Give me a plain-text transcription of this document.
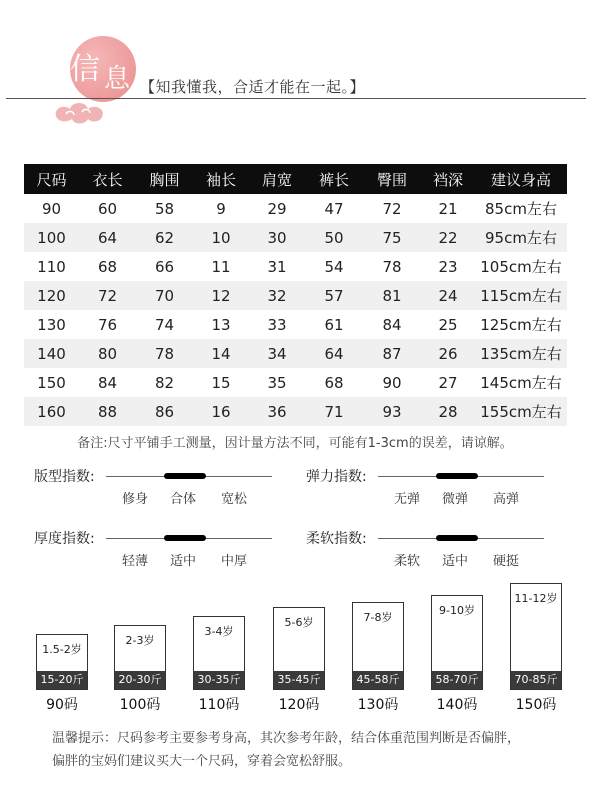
信 息 【知我懂我，合适才能在一起。】
尺码	衣长	胸围	袖长	肩宽	裤长	臀围	裆深	建议身高
90	60	58	9	29	47	72	21	85cm左右
100	64	62	10	30	50	75	22	95cm左右
110	68	66	11	31	54	78	23	105cm左右
120	72	70	12	32	57	81	24	115cm左右
130	76	74	13	33	61	84	25	125cm左右
140	80	78	14	34	64	87	26	135cm左右
150	84	82	15	35	68	90	27	145cm左右
160	88	86	16	36	71	93	28	155cm左右
备注:尺寸平铺手工测量，因计量方法不同，可能有1-3cm的误差，请谅解。
版型指数:
修身 合体 宽松
弹力指数:
无弹 微弹 高弹
厚度指数:
轻薄 适中 中厚
柔软指数:
柔软 适中 硬挺
1.5-2岁
15-20斤
90码
2-3岁
20-30斤
100码
3-4岁
30-35斤
110码
5-6岁
35-45斤
120码
7-8岁
45-58斤
130码
9-10岁
58-70斤
140码
11-12岁
70-85斤
150码
温馨提示：尺码参考主要参考身高，其次参考年龄，结合体重范围判断是否偏胖，
偏胖的宝妈们建议买大一个尺码，穿着会宽松舒服。
